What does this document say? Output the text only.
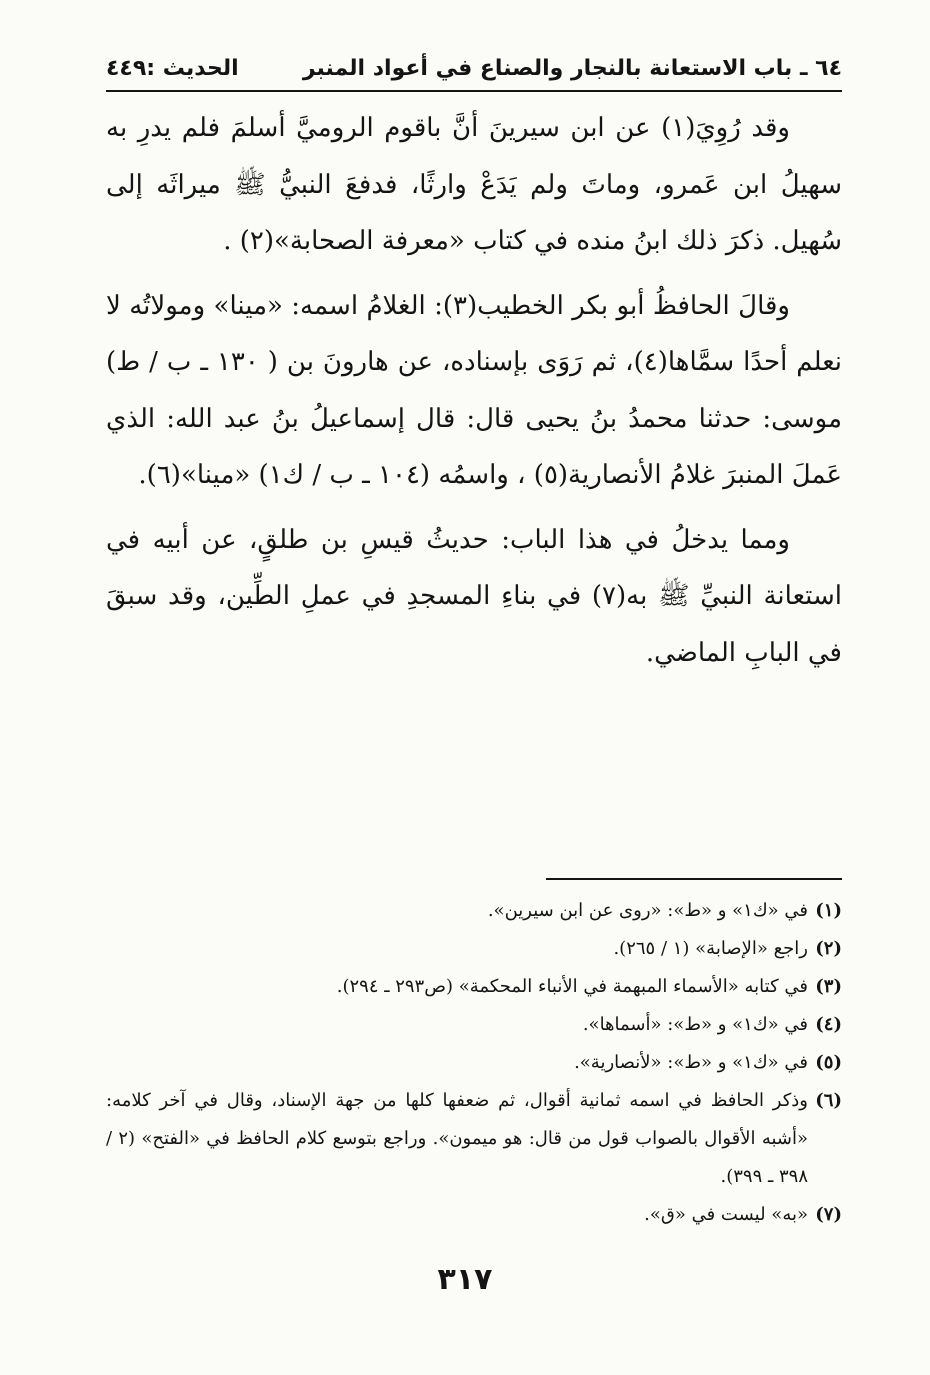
٦٤ ـ باب الاستعانة بالنجار والصناع في أعواد المنبر
الحديث :٤٤٩

وقد رُوِيَ(١) عن ابن سيرينَ أنَّ باقوم الروميَّ أسلمَ فلم يدرِ به سهيلُ ابن عَمرو، وماتَ ولم يَدَعْ وارثًا، فدفعَ النبيُّ ﷺ ميراثَه إلى سُهيل. ذكرَ ذلك ابنُ منده في كتاب «معرفة الصحابة»(٢) .

وقالَ الحافظُ أبو بكر الخطيب(٣): الغلامُ اسمه: «مينا» ومولاتُه لا نعلم أحدًا سمَّاها(٤)، ثم رَوَى بإسناده، عن هارونَ بن ( ١٣٠ ـ ب / ط) موسى: حدثنا محمدُ بنُ يحيى قال: قال إسماعيلُ بنُ عبد الله: الذي عَملَ المنبرَ غلامُ الأنصارية(٥) ، واسمُه (١٠٤ ـ ب / ك١) «مينا»(٦).

ومما يدخلُ في هذا الباب: حديثُ قيسِ بن طلقٍ، عن أبيه في استعانة النبيِّ ﷺ به(٧) في بناءِ المسجدِ في عملِ الطِّين، وقد سبقَ في البابِ الماضي.

(١)في «ك١» و «ط»: «روى عن ابن سيرين».

(٢)راجع «الإصابة» (١ / ٢٦٥).

(٣)في كتابه «الأسماء المبهمة في الأنباء المحكمة» (ص٢٩٣ ـ ٢٩٤).

(٤)في «ك١» و «ط»: «أسماها».

(٥)في «ك١» و «ط»: «لأنصارية».

(٦)وذكر الحافظ في اسمه ثمانية أقوال، ثم ضعفها كلها من جهة الإسناد، وقال في آخر كلامه: «أشبه الأقوال بالصواب قول من قال: هو ميمون». وراجع بتوسع كلام الحافظ في «الفتح» (٢ / ٣٩٨ ـ ٣٩٩).

(٧)«به» ليست في «ق».

٣١٧
